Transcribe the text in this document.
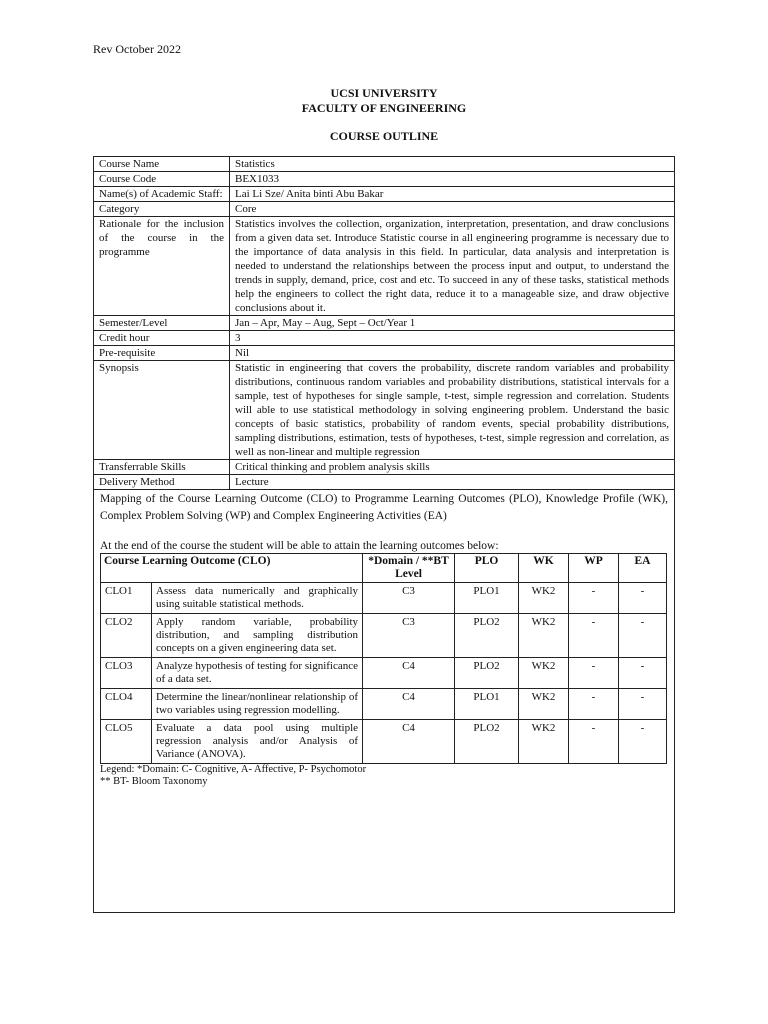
Rev October 2022
UCSI UNIVERSITY
FACULTY OF ENGINEERING
COURSE OUTLINE
Course Name	Statistics
Course Code	BEX1033
Name(s) of Academic Staff:	Lai Li Sze/ Anita binti Abu Bakar
Category	Core
Rationale for the inclusion of the course in the programme	Statistics involves the collection, organization, interpretation, presentation, and draw conclusions from a given data set. Introduce Statistic course in all engineering programme is necessary due to the importance of data analysis in this field. In particular, data analysis and interpretation is needed to understand the relationships between the process input and output, to understand the trends in supply, demand, price, cost and etc. To succeed in any of these tasks, statistical methods help the engineers to collect the right data, reduce it to a manageable size, and draw objective conclusions about it.
Semester/Level	Jan – Apr, May – Aug, Sept – Oct/Year 1
Credit hour	3
Pre-requisite	Nil
Synopsis	Statistic in engineering that covers the probability, discrete random variables and probability distributions, continuous random variables and probability distributions, statistical intervals for a sample, test of hypotheses for single sample, t-test, simple regression and correlation. Students will able to use statistical methodology in solving engineering problem. Understand the basic concepts of basic statistics, probability of random events, special probability distributions, sampling distributions, estimation, tests of hypotheses, t-test, simple regression and correlation, as well as non-linear and multiple regression
Transferrable Skills	Critical thinking and problem analysis skills
Delivery Method	Lecture
Mapping of the Course Learning Outcome (CLO) to Programme Learning Outcomes (PLO), Knowledge Profile (WK), Complex Problem Solving (WP) and Complex Engineering Activities (EA)
At the end of the course the student will be able to attain the learning outcomes below:
Course Learning Outcome (CLO)		*Domain / **BT Level	PLO	WK	WP	EA
CLO1	Assess data numerically and graphically using suitable statistical methods.	C3	PLO1	WK2	-	-
CLO2	Apply random variable, probability distribution, and sampling distribution concepts on a given engineering data set.	C3	PLO2	WK2	-	-
CLO3	Analyze hypothesis of testing for significance of a data set.	C4	PLO2	WK2	-	-
CLO4	Determine the linear/nonlinear relationship of two variables using regression modelling.	C4	PLO1	WK2	-	-
CLO5	Evaluate a data pool using multiple regression analysis and/or Analysis of Variance (ANOVA).	C4	PLO2	WK2	-	-
Legend: *Domain: C- Cognitive, A- Affective, P- Psychomotor
** BT- Bloom Taxonomy
